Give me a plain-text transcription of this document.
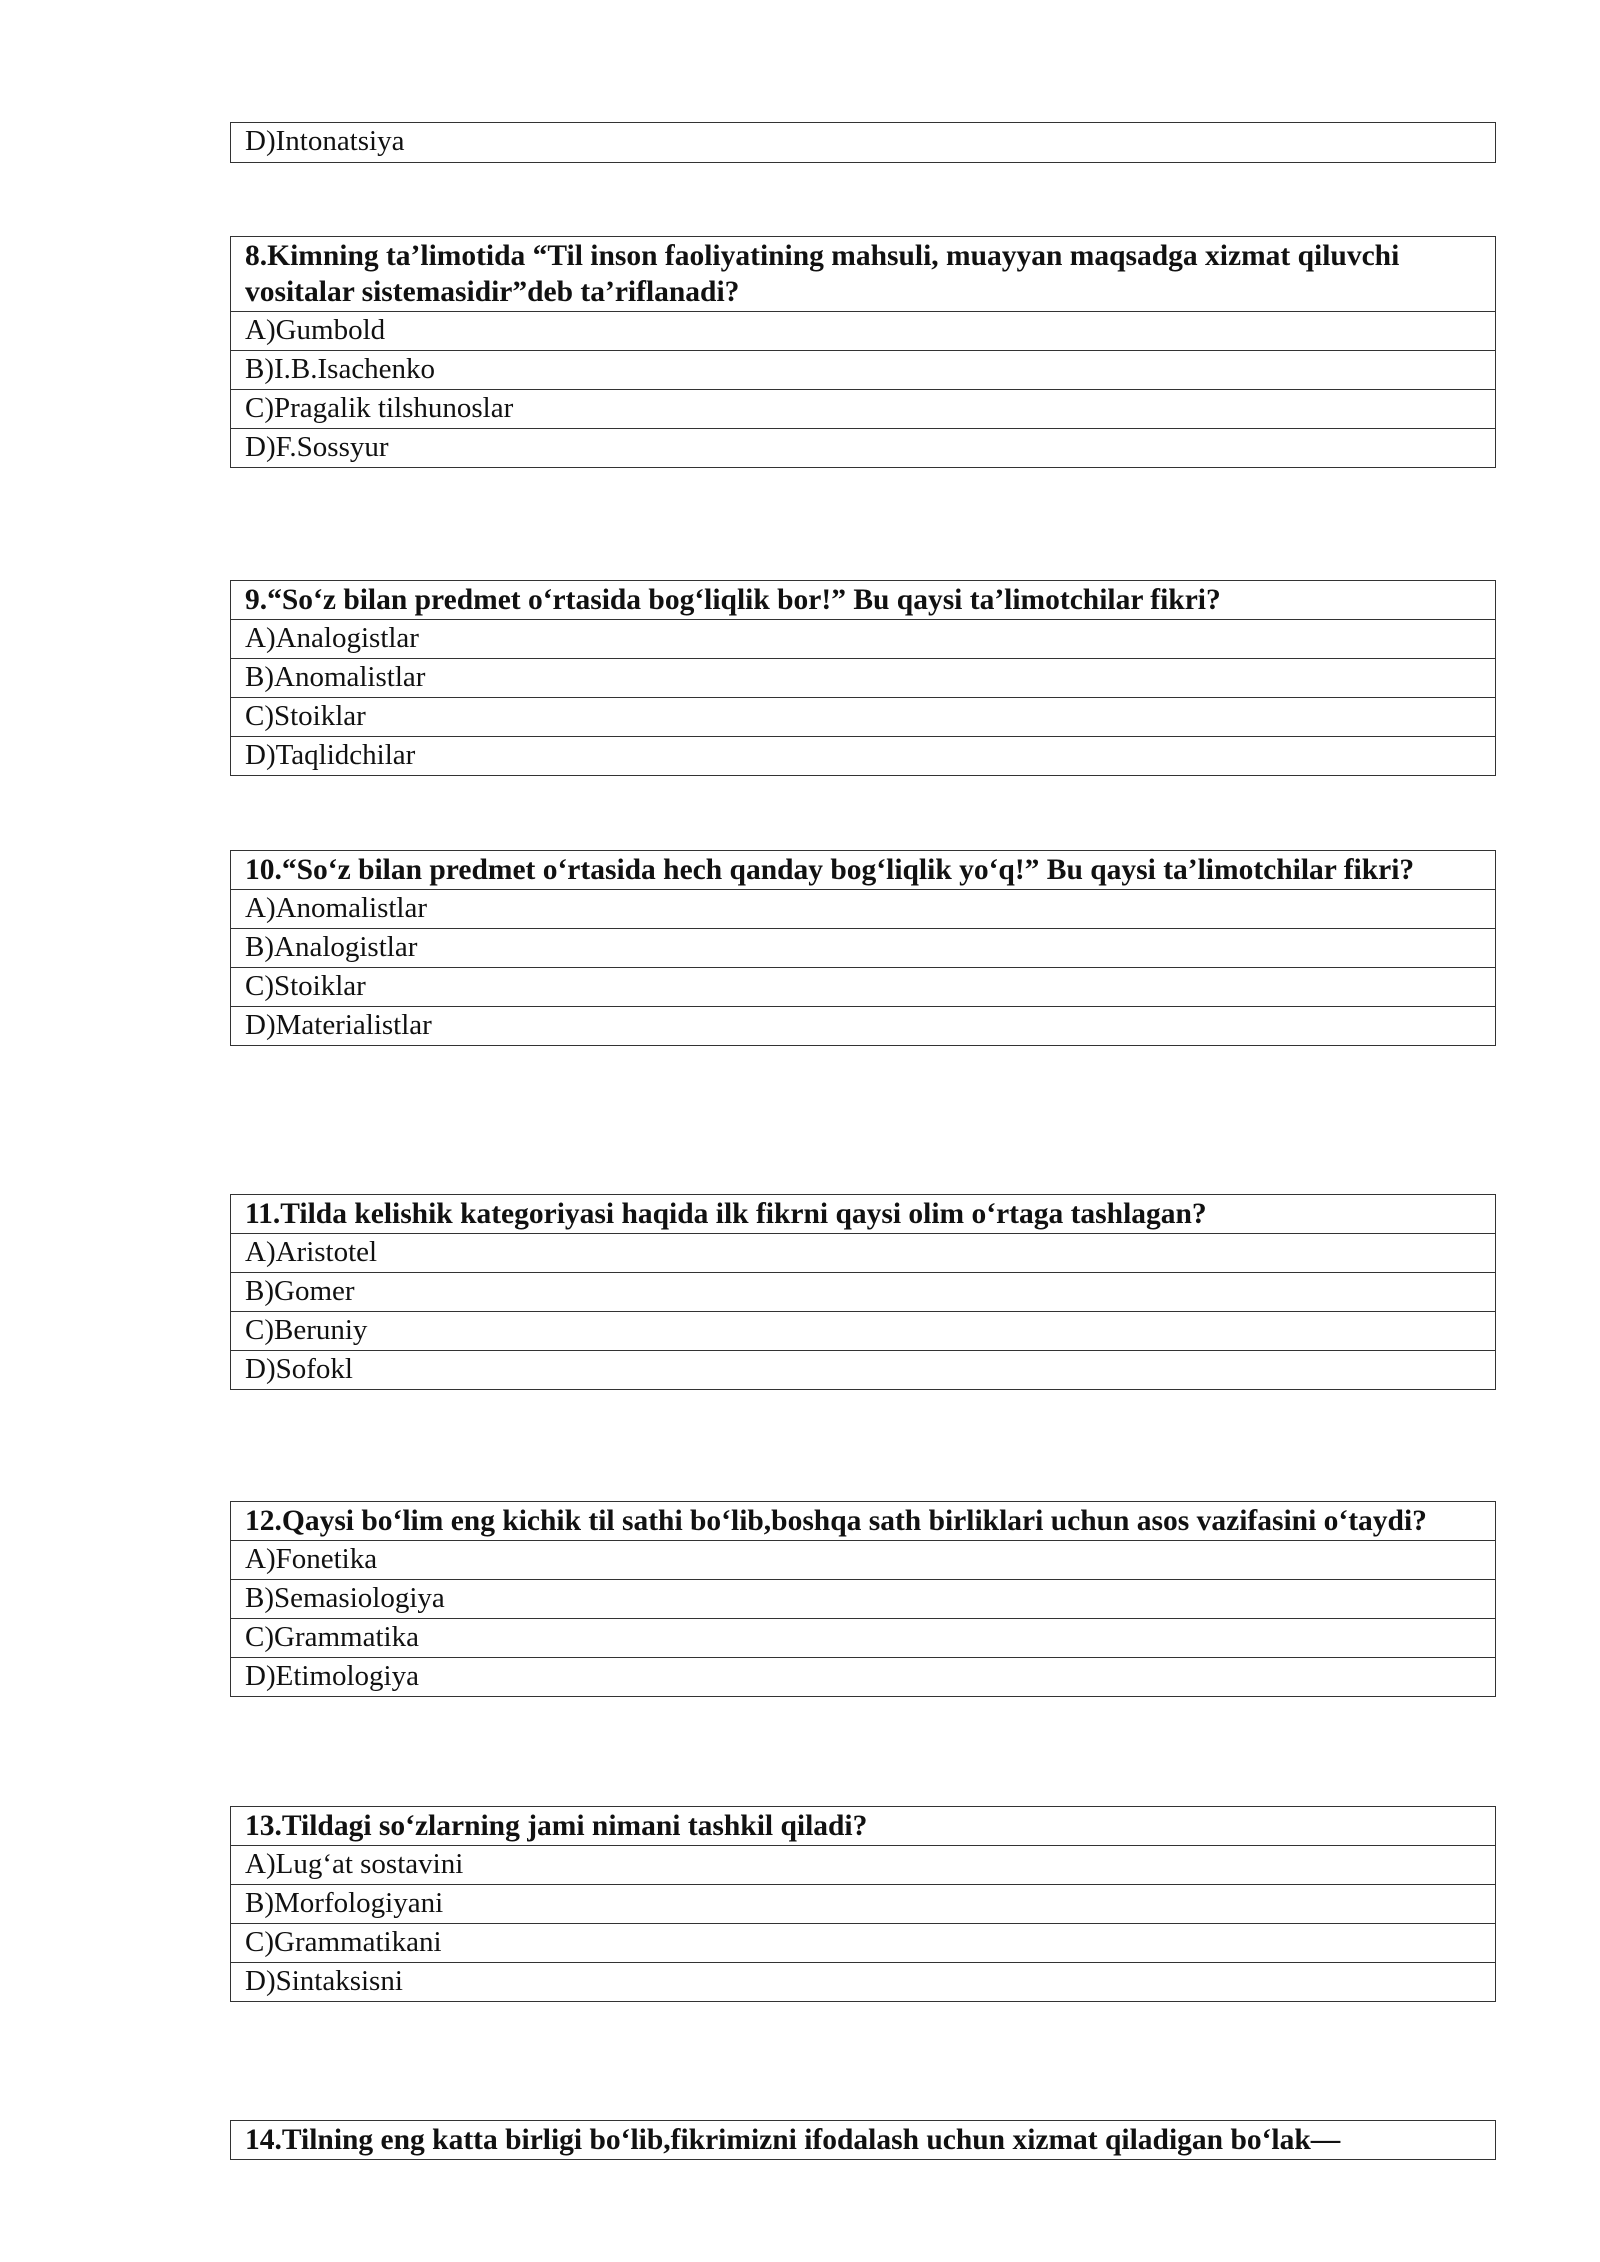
D)Intonatsiya
8.Kimning ta’limotida “Til inson faoliyatining mahsuli, muayyan maqsadga xizmat qiluvchi vositalar sistemasidir”deb ta’riflanadi?
A)Gumbold
B)I.B.Isachenko
C)Pragalik tilshunoslar
D)F.Sossyur
9.“So‘z bilan predmet o‘rtasida bog‘liqlik bor!” Bu qaysi ta’limotchilar fikri?
A)Analogistlar
B)Anomalistlar
C)Stoiklar
D)Taqlidchilar
10.“So‘z bilan predmet o‘rtasida hech qanday bog‘liqlik yo‘q!” Bu qaysi ta’limotchilar fikri?
A)Anomalistlar
B)Analogistlar
C)Stoiklar
D)Materialistlar
11.Tilda kelishik kategoriyasi haqida ilk fikrni qaysi olim o‘rtaga tashlagan?
A)Aristotel
B)Gomer
C)Beruniy
D)Sofokl
12.Qaysi bo‘lim eng kichik til sathi bo‘lib,boshqa sath birliklari uchun asos vazifasini o‘taydi?
A)Fonetika
B)Semasiologiya
C)Grammatika
D)Etimologiya
13.Tildagi so‘zlarning jami nimani tashkil qiladi?
A)Lug‘at sostavini
B)Morfologiyani
C)Grammatikani
D)Sintaksisni
14.Tilning eng katta birligi bo‘lib,fikrimizni ifodalash uchun xizmat qiladigan bo‘lak—
